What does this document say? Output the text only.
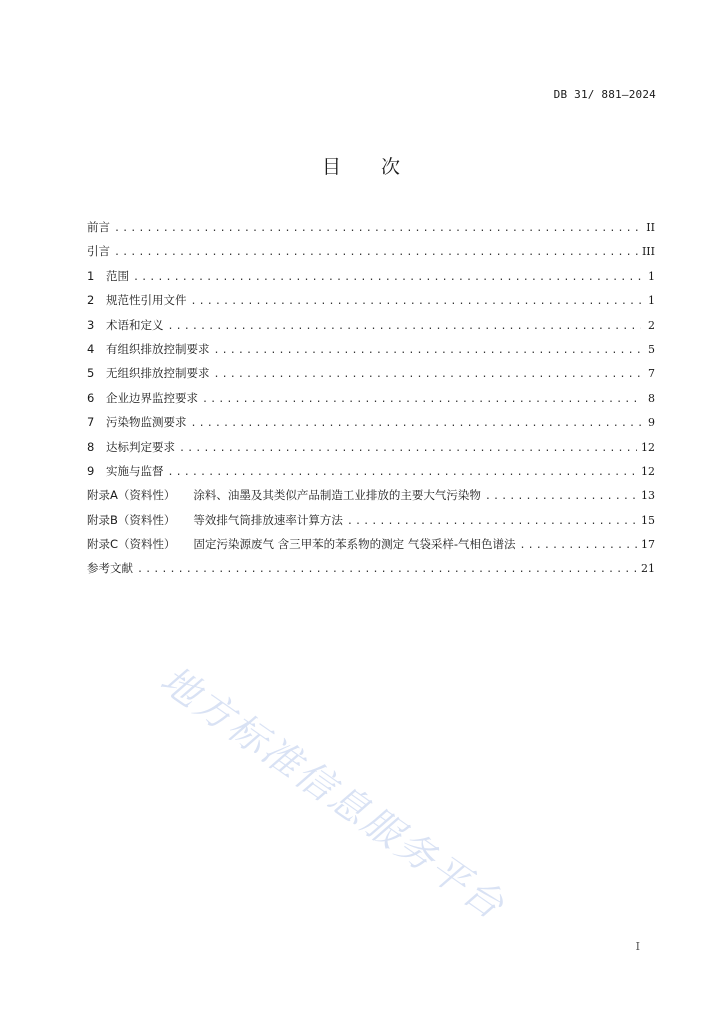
DB 31/ 881—2024
目 次
前言 .....	II
引言 .....	III
1	范围 .....	1
2	规范性引用文件 .....	1
3	术语和定义 .....	2
4	有组织排放控制要求 .....	5
5	无组织排放控制要求 .....	7
6	企业边界监控要求 .....	8
7	污染物监测要求 .....	9
8	达标判定要求 .....	12
9	实施与监督 .....	12
附录A（资料性） 涂料、油墨及其类似产品制造工业排放的主要大气污染物 .....	13
附录B（资料性） 等效排气筒排放速率计算方法 .....	15
附录C（资料性） 固定污染源废气 含三甲苯的苯系物的测定 气袋采样-气相色谱法 .....	17
参考文献 .....	21
地方标准信息服务平台
I
